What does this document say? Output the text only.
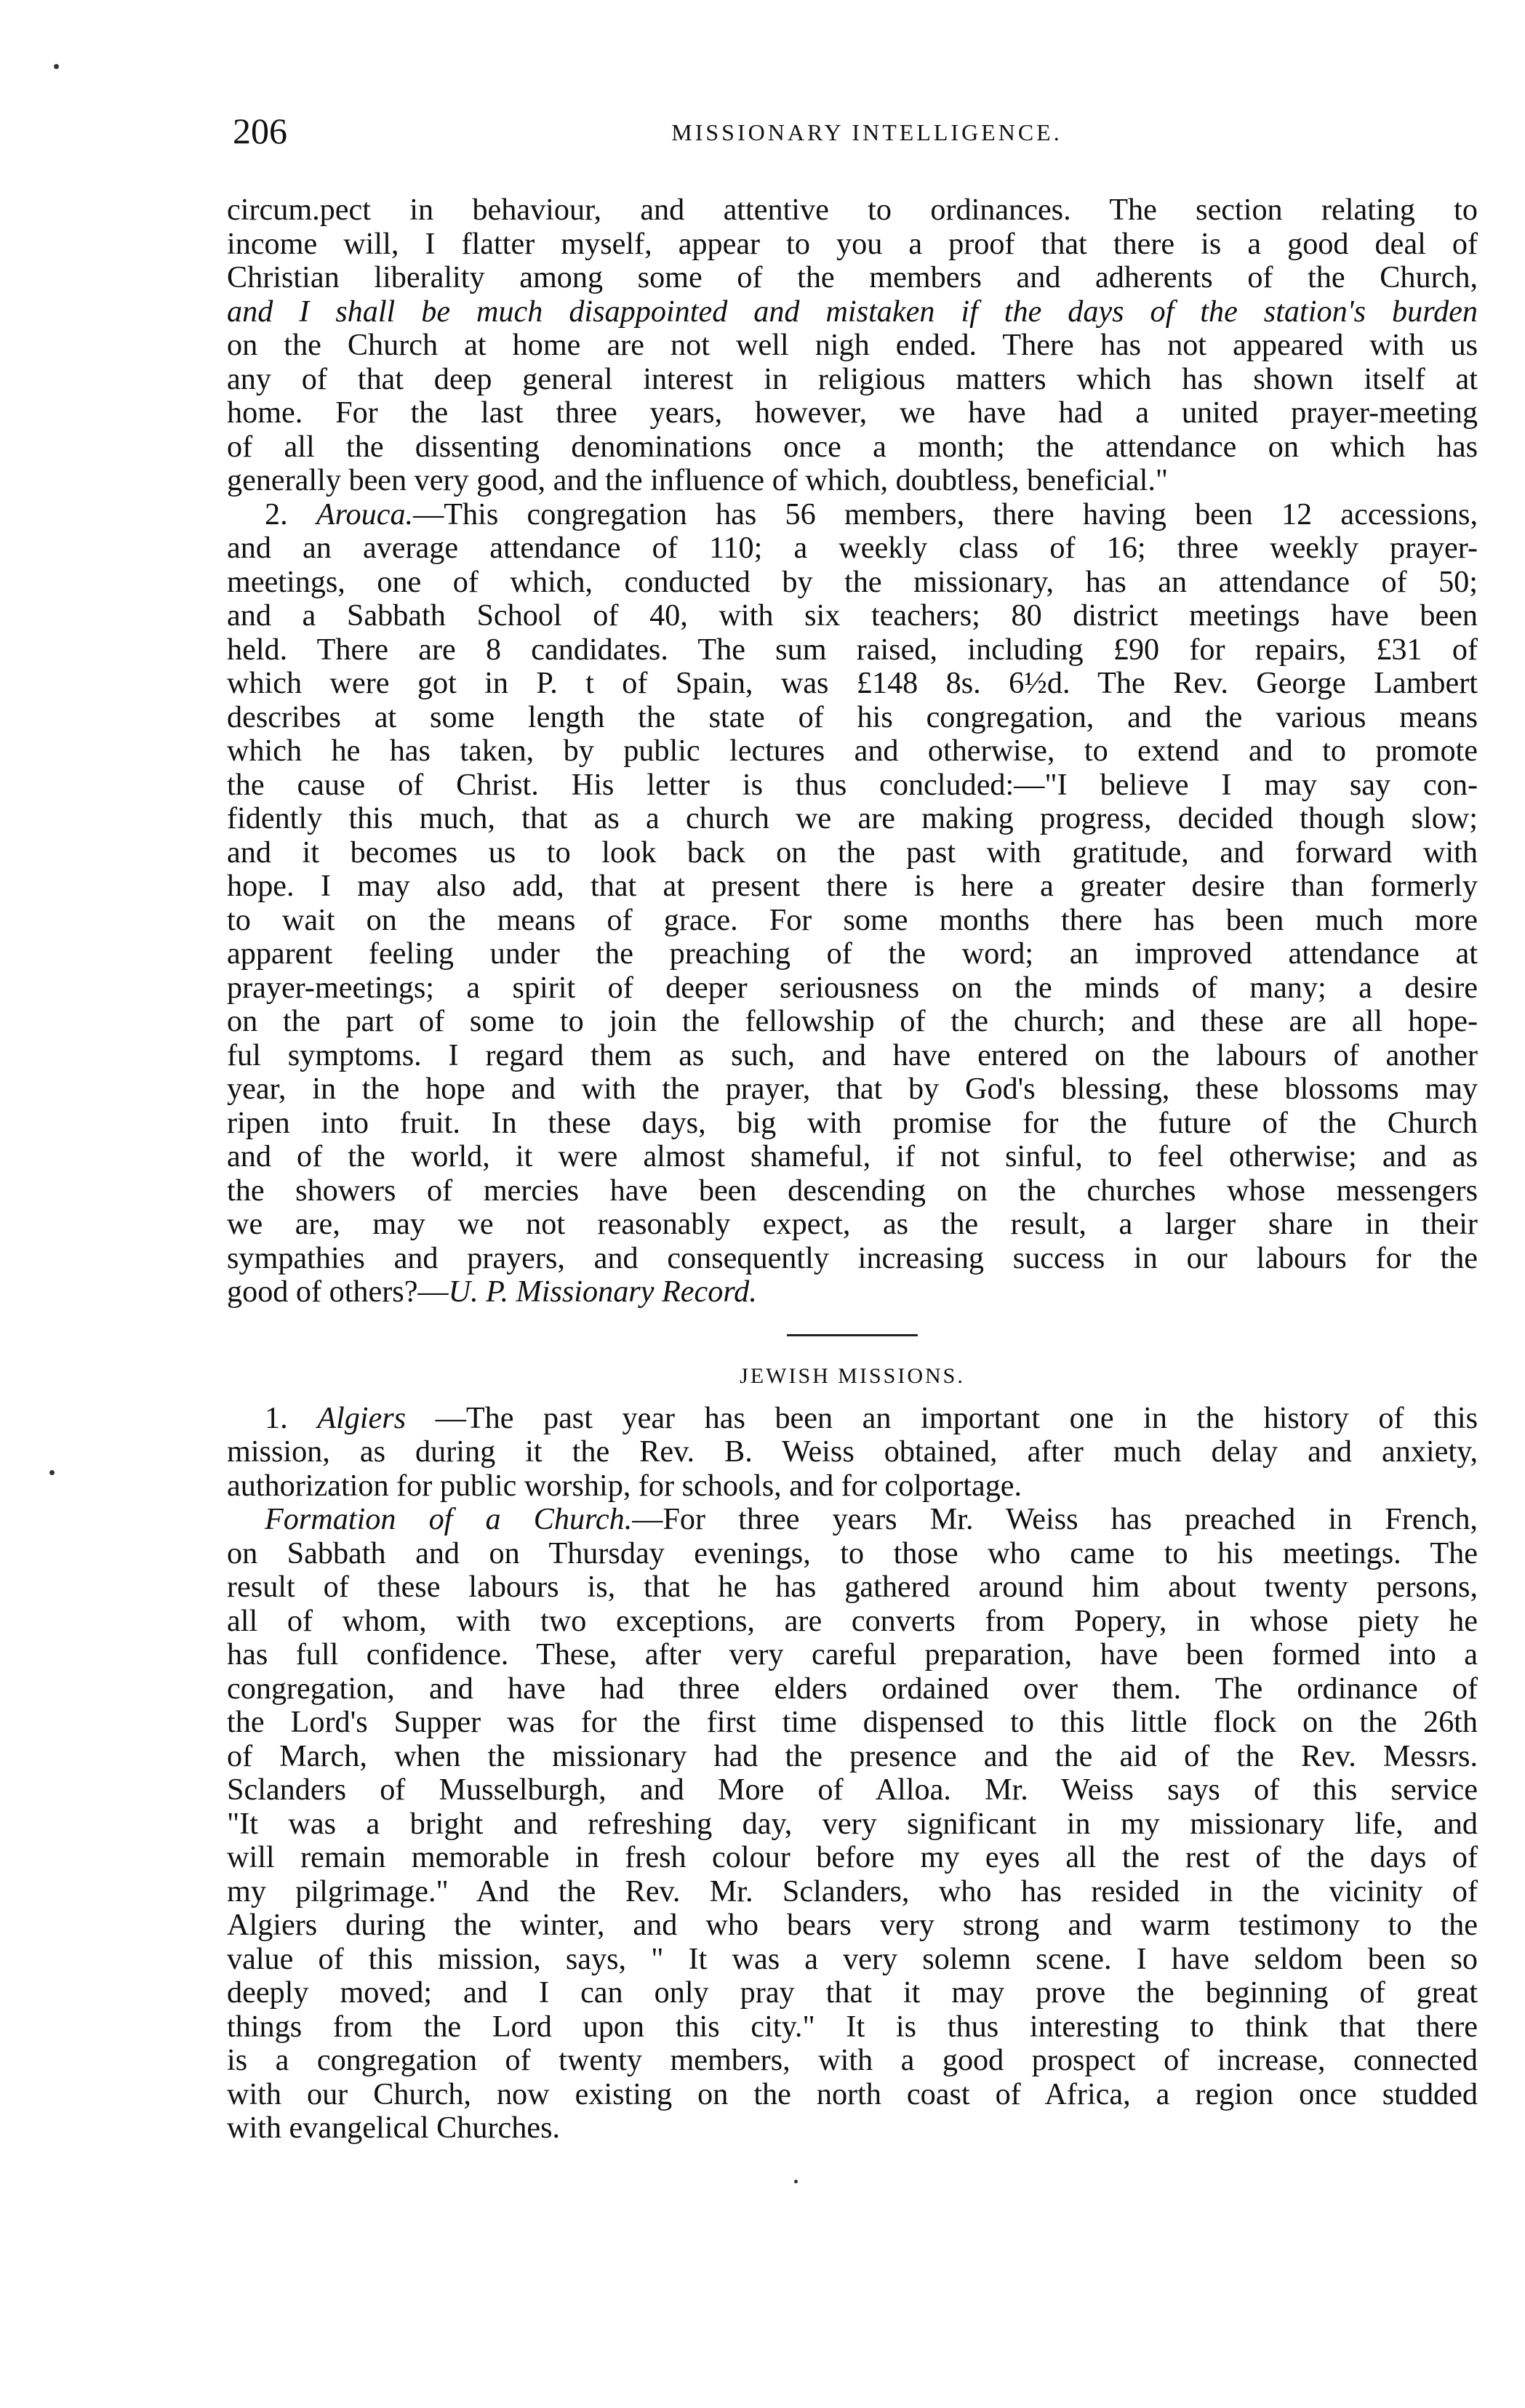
206	MISSIONARY INTELLIGENCE.
circum.pect in behaviour, and attentive to ordinances. The section relating to
income will, I flatter myself, appear to you a proof that there is a good deal of
Christian liberality among some of the members and adherents of the Church,
and I shall be much disappointed and mistaken if the days of the station's burden
on the Church at home are not well nigh ended. There has not appeared with us
any of that deep general interest in religious matters which has shown itself at
home. For the last three years, however, we have had a united prayer-meeting
of all the dissenting denominations once a month; the attendance on which has
generally been very good, and the influence of which, doubtless, beneficial."
2. Arouca.—This congregation has 56 members, there having been 12 accessions,
and an average attendance of 110; a weekly class of 16; three weekly prayer-
meetings, one of which, conducted by the missionary, has an attendance of 50;
and a Sabbath School of 40, with six teachers; 80 district meetings have been
held. There are 8 candidates. The sum raised, including £90 for repairs, £31 of
which were got in P. t of Spain, was £148 8s. 6½d. The Rev. George Lambert
describes at some length the state of his congregation, and the various means
which he has taken, by public lectures and otherwise, to extend and to promote
the cause of Christ. His letter is thus concluded:—"I believe I may say con-
fidently this much, that as a church we are making progress, decided though slow;
and it becomes us to look back on the past with gratitude, and forward with
hope. I may also add, that at present there is here a greater desire than formerly
to wait on the means of grace. For some months there has been much more
apparent feeling under the preaching of the word; an improved attendance at
prayer-meetings; a spirit of deeper seriousness on the minds of many; a desire
on the part of some to join the fellowship of the church; and these are all hope-
ful symptoms. I regard them as such, and have entered on the labours of another
year, in the hope and with the prayer, that by God's blessing, these blossoms may
ripen into fruit. In these days, big with promise for the future of the Church
and of the world, it were almost shameful, if not sinful, to feel otherwise; and as
the showers of mercies have been descending on the churches whose messengers
we are, may we not reasonably expect, as the result, a larger share in their
sympathies and prayers, and consequently increasing success in our labours for the
good of others?—U. P. Missionary Record.
JEWISH MISSIONS.
1. Algiers —The past year has been an important one in the history of this
mission, as during it the Rev. B. Weiss obtained, after much delay and anxiety,
authorization for public worship, for schools, and for colportage.
Formation of a Church.—For three years Mr. Weiss has preached in French,
on Sabbath and on Thursday evenings, to those who came to his meetings. The
result of these labours is, that he has gathered around him about twenty persons,
all of whom, with two exceptions, are converts from Popery, in whose piety he
has full confidence. These, after very careful preparation, have been formed into a
congregation, and have had three elders ordained over them. The ordinance of
the Lord's Supper was for the first time dispensed to this little flock on the 26th
of March, when the missionary had the presence and the aid of the Rev. Messrs.
Sclanders of Musselburgh, and More of Alloa. Mr. Weiss says of this service
"It was a bright and refreshing day, very significant in my missionary life, and
will remain memorable in fresh colour before my eyes all the rest of the days of
my pilgrimage." And the Rev. Mr. Sclanders, who has resided in the vicinity of
Algiers during the winter, and who bears very strong and warm testimony to the
value of this mission, says, " It was a very solemn scene. I have seldom been so
deeply moved; and I can only pray that it may prove the beginning of great
things from the Lord upon this city." It is thus interesting to think that there
is a congregation of twenty members, with a good prospect of increase, connected
with our Church, now existing on the north coast of Africa, a region once studded
with evangelical Churches.
